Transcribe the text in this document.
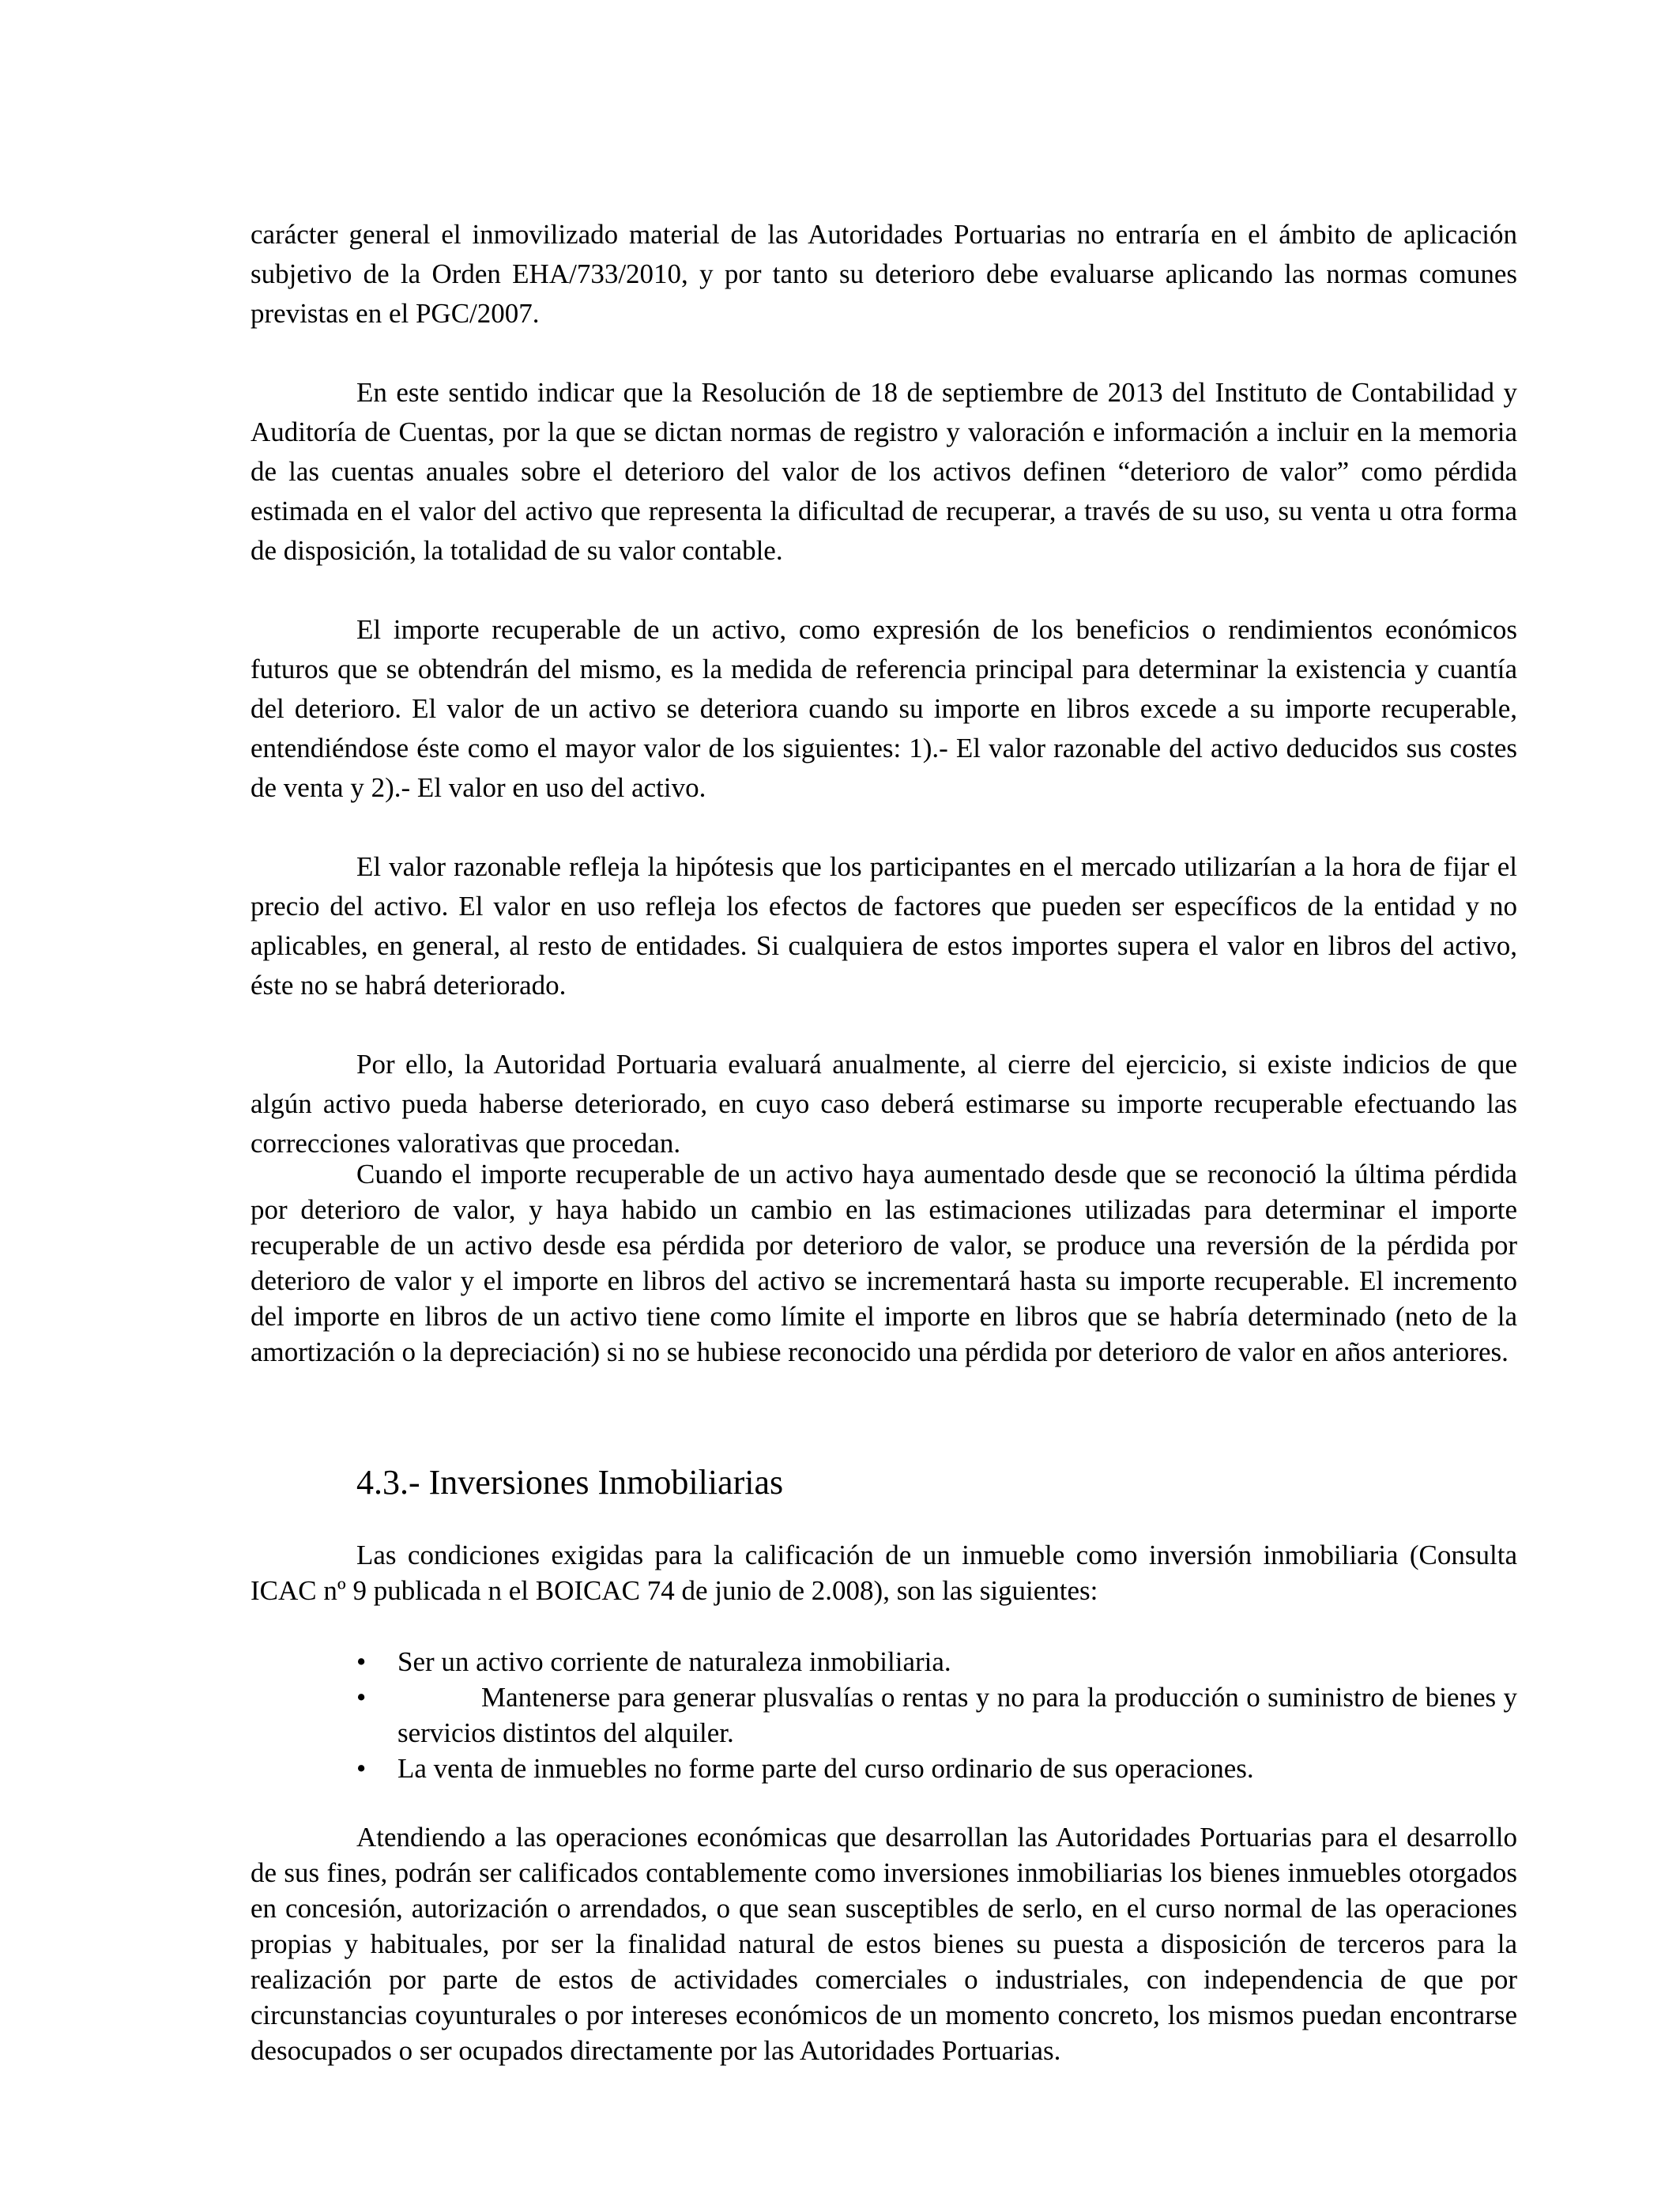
carácter general el inmovilizado material de las Autoridades Portuarias no entraría en el ámbito de aplicación subjetivo de la Orden EHA/733/2010, y por tanto su deterioro debe evaluarse aplicando las normas comunes previstas en el PGC/2007.

En este sentido indicar que la Resolución de 18 de septiembre de 2013 del Instituto de Contabilidad y Auditoría de Cuentas, por la que se dictan normas de registro y valoración e información a incluir en la memoria de las cuentas anuales sobre el deterioro del valor de los activos definen “deterioro de valor” como pérdida estimada en el valor del activo que representa la dificultad de recuperar, a través de su uso, su venta u otra forma de disposición, la totalidad de su valor contable.

El importe recuperable de un activo, como expresión de los beneficios o rendimientos económicos futuros que se obtendrán del mismo, es la medida de referencia principal para determinar la existencia y cuantía del deterioro. El valor de un activo se deteriora cuando su importe en libros excede a su importe recuperable, entendiéndose éste como el mayor valor de los siguientes: 1).- El valor razonable del activo deducidos sus costes de venta y 2).- El valor en uso del activo.

El valor razonable refleja la hipótesis que los participantes en el mercado utilizarían a la hora de fijar el precio del activo. El valor en uso refleja los efectos de factores que pueden ser específicos de la entidad y no aplicables, en general, al resto de entidades. Si cualquiera de estos importes supera el valor en libros del activo, éste no se habrá deteriorado.

Por ello, la Autoridad Portuaria evaluará anualmente, al cierre del ejercicio, si existe indicios de que algún activo pueda haberse deteriorado, en cuyo caso deberá estimarse su importe recuperable efectuando las correcciones valorativas que procedan.

Cuando el importe recuperable de un activo haya aumentado desde que se reconoció la última pérdida por deterioro de valor, y haya habido un cambio en las estimaciones utilizadas para determinar el importe recuperable de un activo desde esa pérdida por deterioro de valor, se produce una reversión de la pérdida por deterioro de valor y el importe en libros del activo se incrementará hasta su importe recuperable. El incremento del importe en libros de un activo tiene como límite el importe en libros que se habría determinado (neto de la amortización o la depreciación) si no se hubiese reconocido una pérdida por deterioro de valor en años anteriores.

4.3.- Inversiones Inmobiliarias

Las condiciones exigidas para la calificación de un inmueble como inversión inmobiliaria (Consulta ICAC nº 9 publicada n el BOICAC 74 de junio de 2.008), son las siguientes:

• Ser un activo corriente de naturaleza inmobiliaria.
•	Mantenerse para generar plusvalías o rentas y no para la producción o suministro de bienes y servicios distintos del alquiler.
• La venta de inmuebles no forme parte del curso ordinario de sus operaciones.

Atendiendo a las operaciones económicas que desarrollan las Autoridades Portuarias para el desarrollo de sus fines, podrán ser calificados contablemente como inversiones inmobiliarias los bienes inmuebles otorgados en concesión, autorización o arrendados, o que sean susceptibles de serlo, en el curso normal de las operaciones propias y habituales, por ser la finalidad natural de estos bienes su puesta a disposición de terceros para la realización por parte de estos de actividades comerciales o industriales, con independencia de que por circunstancias coyunturales o por intereses económicos de un momento concreto, los mismos puedan encontrarse desocupados o ser ocupados directamente por las Autoridades Portuarias.
